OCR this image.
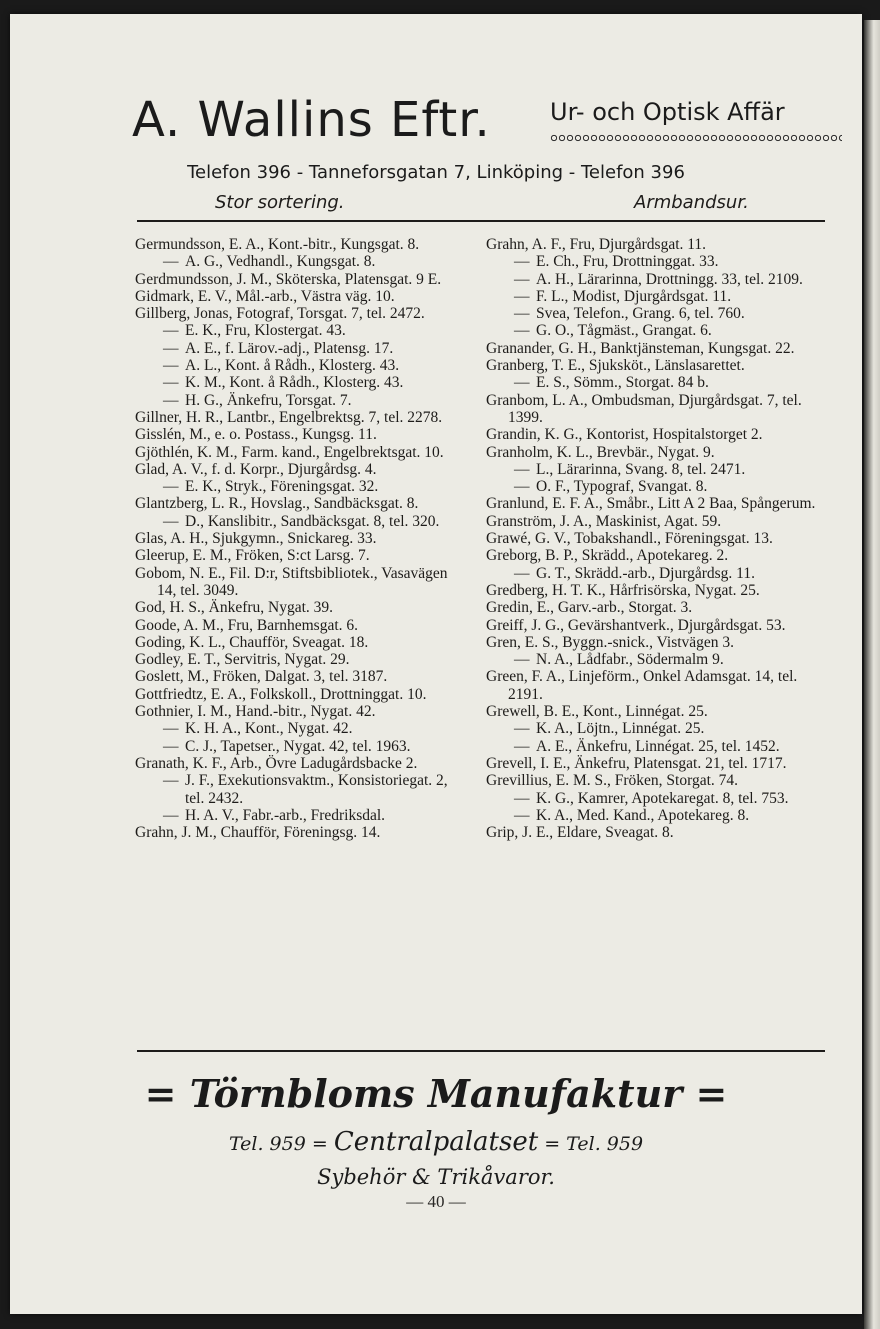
A. Wallins Eftr. Ur- och Optisk Affär
Telefon 396 - Tanneforsgatan 7, Linköping - Telefon 396
Stor sortering.	Armbandsur.

Germundsson, E. A., Kont.-bitr., Kungsgat. 8.

— A. G., Vedhandl., Kungsgat. 8.

Gerdmundsson, J. M., Sköterska, Platensgat. 9 E.

Gidmark, E. V., Mål.-arb., Västra väg. 10.

Gillberg, Jonas, Fotograf, Torsgat. 7, tel. 2472.

— E. K., Fru, Klostergat. 43.

— A. E., f. Lärov.-adj., Platensg. 17.

— A. L., Kont. å Rådh., Klosterg. 43.

— K. M., Kont. å Rådh., Klosterg. 43.

— H. G., Änkefru, Torsgat. 7.

Gillner, H. R., Lantbr., Engelbrektsg. 7, tel. 2278.

Gisslén, M., e. o. Postass., Kungsg. 11.

Gjöthlén, K. M., Farm. kand., Engelbrektsgat. 10.

Glad, A. V., f. d. Korpr., Djurgårdsg. 4.

— E. K., Stryk., Föreningsgat. 32.

Glantzberg, L. R., Hovslag., Sandbäcksgat. 8.

— D., Kanslibitr., Sandbäcksgat. 8, tel. 320.

Glas, A. H., Sjukgymn., Snickareg. 33.

Gleerup, E. M., Fröken, S:ct Larsg. 7.

Gobom, N. E., Fil. D:r, Stiftsbibliotek., Vasavägen 14, tel. 3049.

God, H. S., Änkefru, Nygat. 39.

Goode, A. M., Fru, Barnhemsgat. 6.

Goding, K. L., Chaufför, Sveagat. 18.

Godley, E. T., Servitris, Nygat. 29.

Goslett, M., Fröken, Dalgat. 3, tel. 3187.

Gottfriedtz, E. A., Folkskoll., Drottninggat. 10.

Gothnier, I. M., Hand.-bitr., Nygat. 42.

— K. H. A., Kont., Nygat. 42.

— C. J., Tapetser., Nygat. 42, tel. 1963.

Granath, K. F., Arb., Övre Ladugårdsbacke 2.

— J. F., Exekutionsvaktm., Konsistoriegat. 2, tel. 2432.

— H. A. V., Fabr.-arb., Fredriksdal.

Grahn, J. M., Chaufför, Föreningsg. 14.

Grahn, A. F., Fru, Djurgårdsgat. 11.

— E. Ch., Fru, Drottninggat. 33.

— A. H., Lärarinna, Drottningg. 33, tel. 2109.

— F. L., Modist, Djurgårdsgat. 11.

— Svea, Telefon., Grang. 6, tel. 760.

— G. O., Tågmäst., Grangat. 6.

Granander, G. H., Banktjänsteman, Kungsgat. 22.

Granberg, T. E., Sjuksköt., Länslasarettet.

— E. S., Sömm., Storgat. 84 b.

Granbom, L. A., Ombudsman, Djurgårdsgat. 7, tel. 1399.

Grandin, K. G., Kontorist, Hospitalstorget 2.

Granholm, K. L., Brevbär., Nygat. 9.

— L., Lärarinna, Svang. 8, tel. 2471.

— O. F., Typograf, Svangat. 8.

Granlund, E. F. A., Småbr., Litt A 2 Baa, Spångerum.

Granström, J. A., Maskinist, Agat. 59.

Grawé, G. V., Tobakshandl., Föreningsgat. 13.

Greborg, B. P., Skrädd., Apotekareg. 2.

— G. T., Skrädd.-arb., Djurgårdsg. 11.

Gredberg, H. T. K., Hårfrisörska, Nygat. 25.

Gredin, E., Garv.-arb., Storgat. 3.

Greiff, J. G., Gevärshantverk., Djurgårdsgat. 53.

Gren, E. S., Byggn.-snick., Vistvägen 3.

— N. A., Lådfabr., Södermalm 9.

Green, F. A., Linjeförm., Onkel Adamsgat. 14, tel. 2191.

Grewell, B. E., Kont., Linnégat. 25.

— K. A., Löjtn., Linnégat. 25.

— A. E., Änkefru, Linnégat. 25, tel. 1452.

Grevell, I. E., Änkefru, Platensgat. 21, tel. 1717.

Grevillius, E. M. S., Fröken, Storgat. 74.

— K. G., Kamrer, Apotekaregat. 8, tel. 753.

— K. A., Med. Kand., Apotekareg. 8.

Grip, J. E., Eldare, Sveagat. 8.

= Törnbloms Manufaktur =
Tel. 959 = Centralpalatset = Tel. 959
Sybehör & Trikåvaror.
— 40 —
